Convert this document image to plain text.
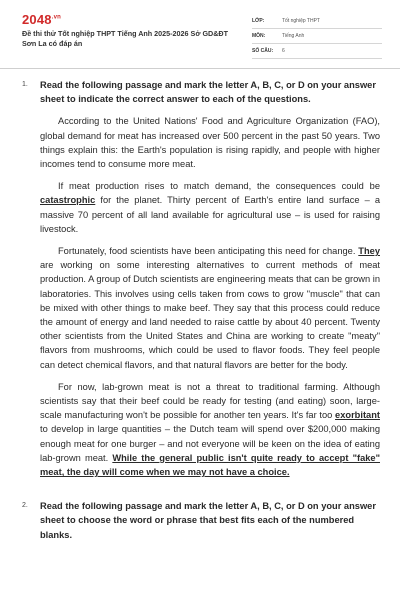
$2048^{.vn}$
Đề thi thử Tốt nghiệp THPT Tiếng Anh 2025-2026 Sở GD&ĐT Sơn La có đáp án
LỚP:	Tốt nghiệp THPT
MÔN:	Tiếng Anh
SỐ CÂU:	6
1. Read the following passage and mark the letter A, B, C, or D on your answer sheet to indicate the correct answer to each of the questions.
According to the United Nations' Food and Agriculture Organization (FAO), global demand for meat has increased over 500 percent in the past 50 years. Two things explain this: the Earth's population is rising rapidly, and people with higher incomes tend to consume more meat.
If meat production rises to match demand, the consequences could be catastrophic for the planet. Thirty percent of Earth's entire land surface – a massive 70 percent of all land available for agricultural use – is used for raising livestock.
Fortunately, food scientists have been anticipating this need for change. They are working on some interesting alternatives to current methods of meat production. A group of Dutch scientists are engineering meats that can be grown in laboratories. This involves using cells taken from cows to grow "muscle" that can be mixed with other things to make beef. They say that this process could reduce the amount of energy and land needed to raise cattle by about 40 percent. Twenty other scientists from the United States and China are working to create "meaty" flavors from mushrooms, which could be used to flavor foods. They feel people can detect chemical flavors, and that natural flavors are better for the body.
For now, lab-grown meat is not a threat to traditional farming. Although scientists say that their beef could be ready for testing (and eating) soon, large-scale manufacturing won't be possible for another ten years. It's far too exorbitant to develop in large quantities – the Dutch team will spend over $200,000 making enough meat for one burger – and not everyone will be keen on the idea of eating lab-grown meat. While the general public isn't quite ready to accept "fake" meat, the day will come when we may not have a choice.
2. Read the following passage and mark the letter A, B, C, or D on your answer sheet to choose the word or phrase that best fits each of the numbered blanks.
